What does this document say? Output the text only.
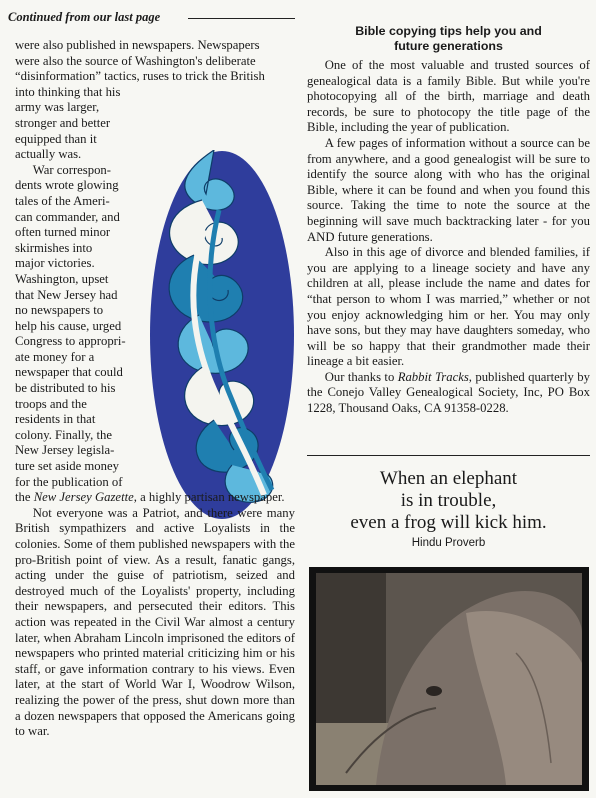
Continued from our last page
were also published in newspapers. Newspapers
were also the source of Washington's deliberate
“disinformation” tactics, ruses to trick the British
into thinking that his
army was larger,
stronger and better
equipped than it
actually was.
War correspon-
dents wrote glowing
tales of the Ameri-
can commander, and
often turned minor
skirmishes into
major victories.
Washington, upset
that New Jersey had
no newspapers to
help his cause, urged
Congress to appropri-
ate money for a
newspaper that could
be distributed to his
troops and the
residents in that
colony. Finally, the
New Jersey legisla-
ture set aside money
for the publication of
the New Jersey Gazette, a highly partisan newspaper.

Not everyone was a Patriot, and there were many British sympathizers and active Loyalists in the colonies. Some of them published newspapers with the pro-British point of view. As a result, fanatic gangs, acting under the guise of patriotism, seized and destroyed much of the Loyalists' property, including their newspapers, and persecuted their editors. This action was repeated in the Civil War almost a century later, when Abraham Lincoln imprisoned the editors of newspapers who printed material criticizing him or his staff, or gave information contrary to his views. Even later, at the start of World War I, Woodrow Wilson, realizing the power of the press, shut down more than a dozen newspapers that opposed the Americans going to war.

Bible copying tips help you and future generations

One of the most valuable and trusted sources of genealogical data is a family Bible. But while you're photocopying all of the birth, marriage and death records, be sure to photocopy the title page of the Bible, including the year of publication.

A few pages of information without a source can be from anywhere, and a good genealogist will be sure to identify the source along with who has the original Bible, where it can be found and when you found this source. Taking the time to note the source at the beginning will save much backtracking later - for you AND future generations.

Also in this age of divorce and blended families, if you are applying to a lineage society and have any children at all, please include the name and dates for “that person to whom I was married,” whether or not you enjoy acknowledging him or her. You may only have sons, but they may have daughters someday, who will be so happy that their grandmother made their lineage a bit easier.

Our thanks to Rabbit Tracks, published quarterly by the Conejo Valley Genealogical Society, Inc, PO Box 1228, Thousand Oaks, CA 91358-0228.

When an elephant
is in trouble,
even a frog will kick him.
Hindu Proverb
